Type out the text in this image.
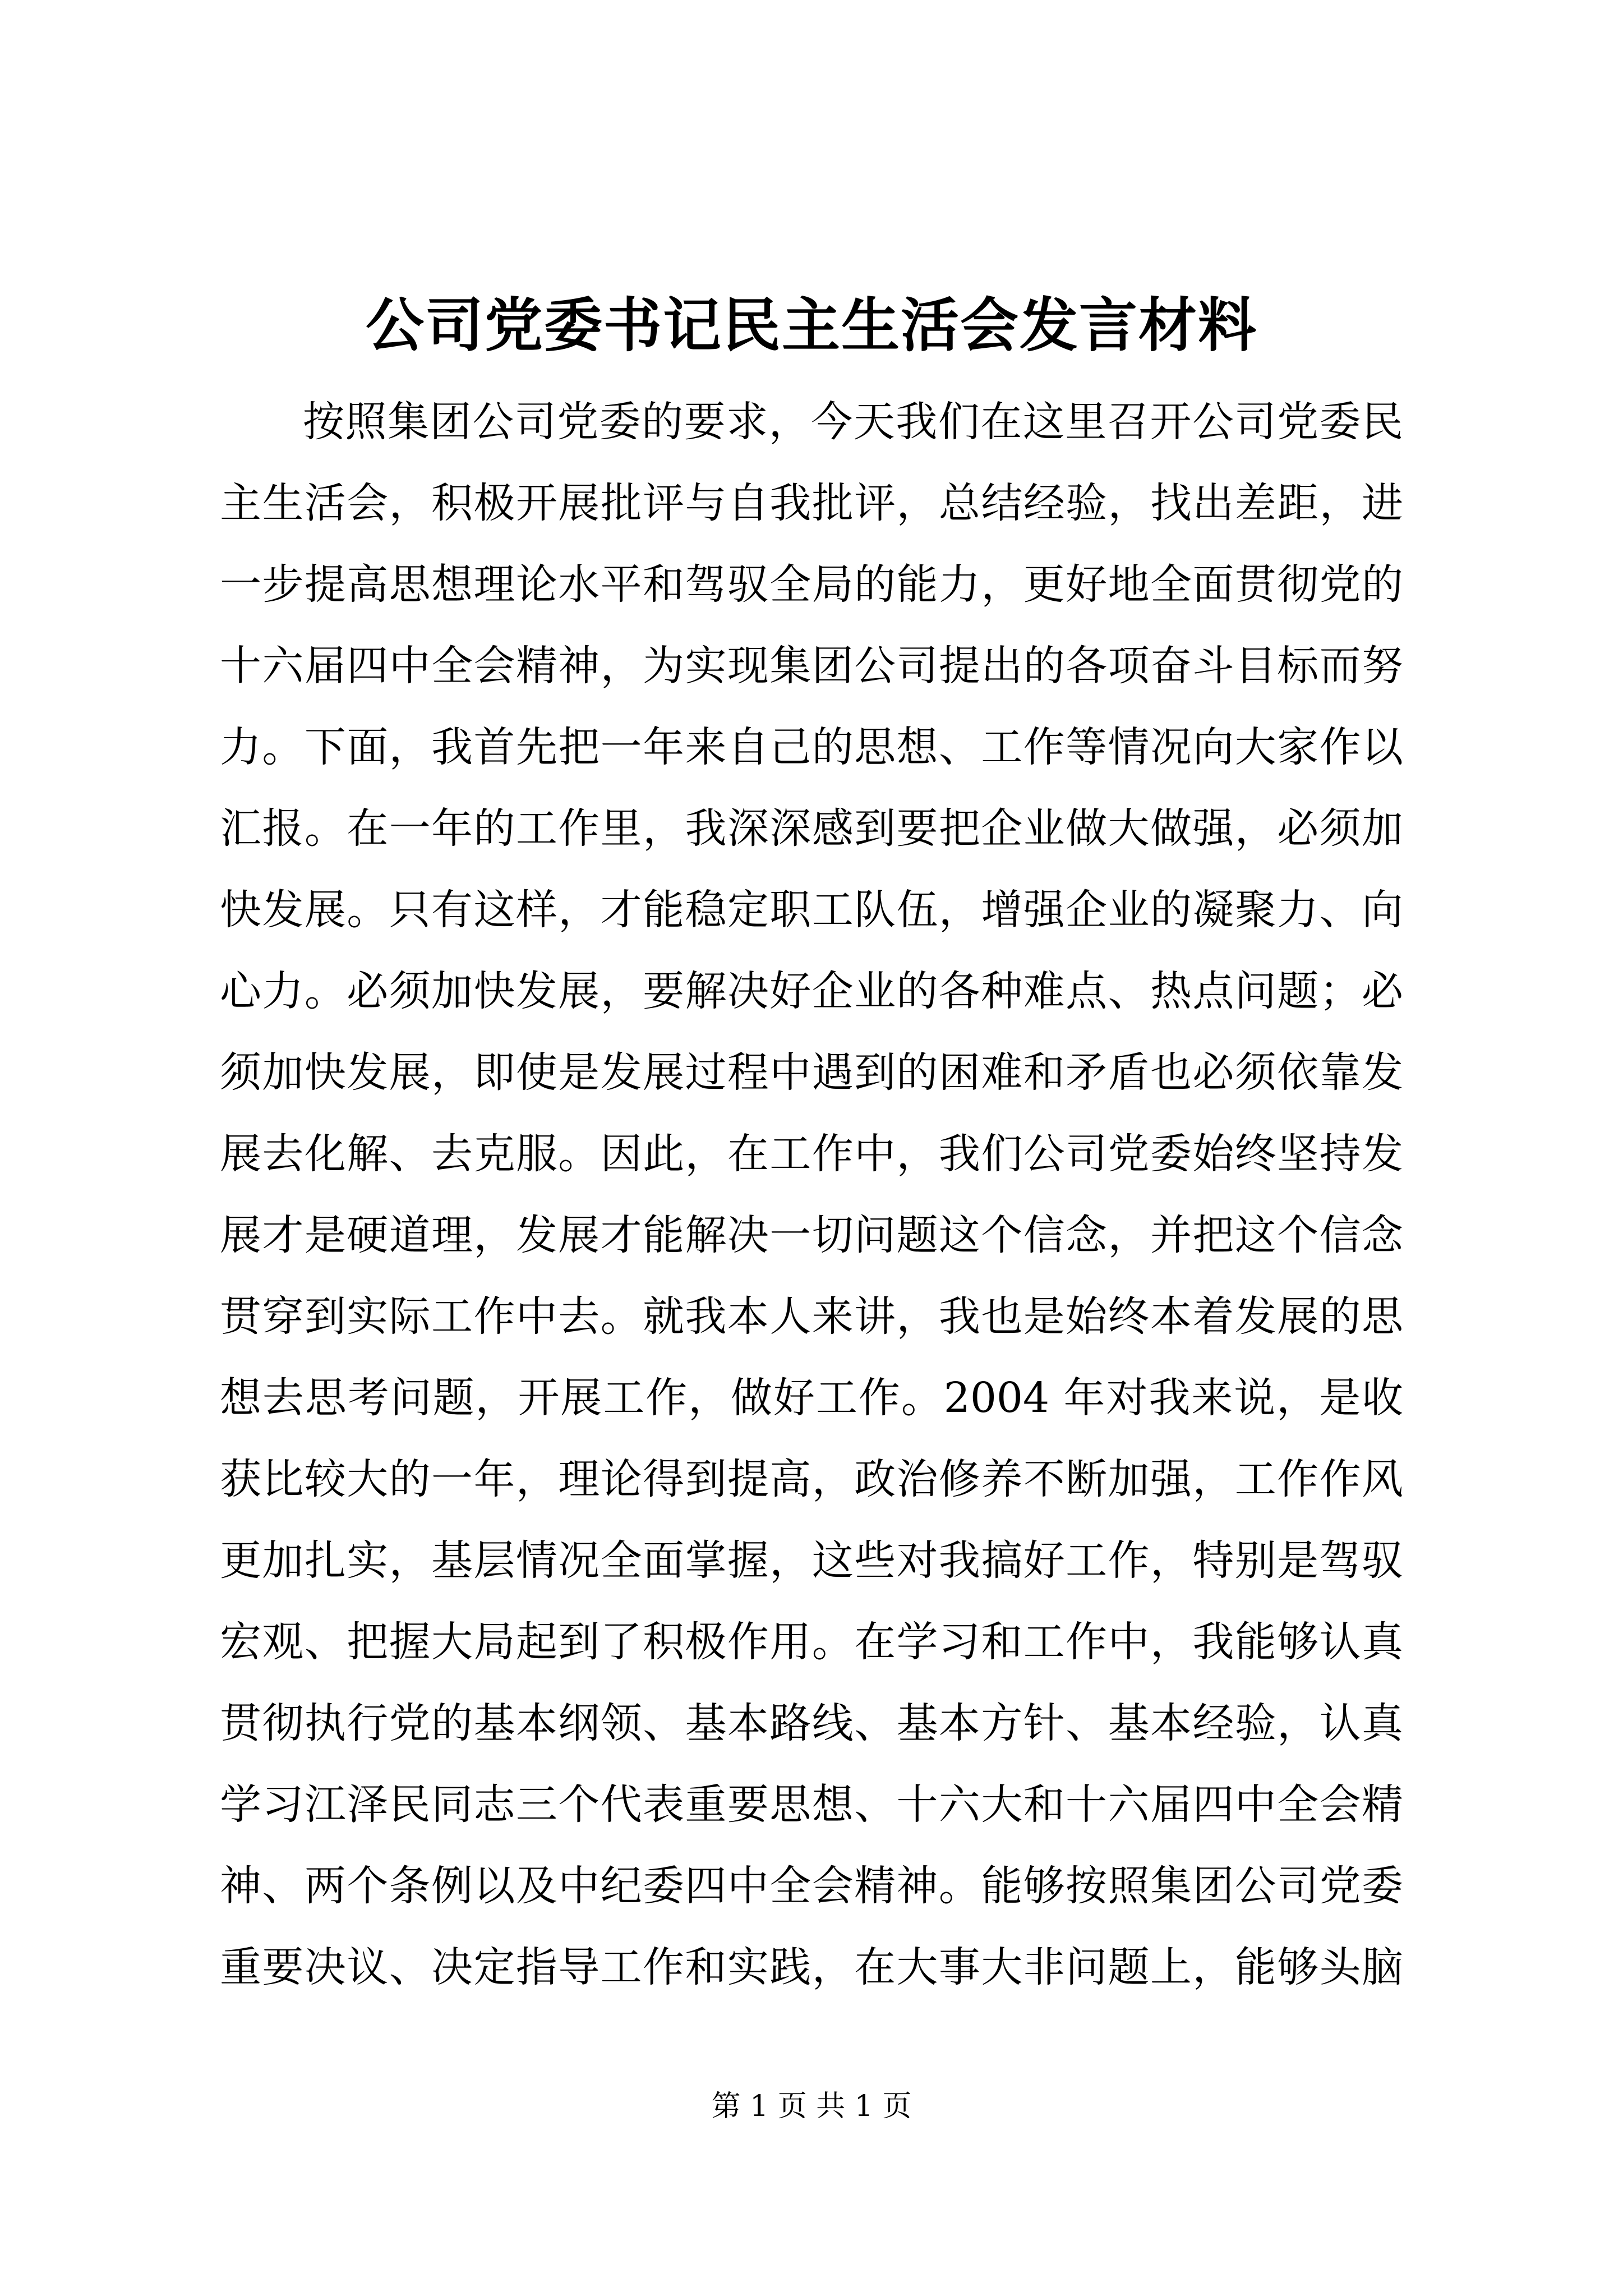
公司党委书记民主生活会发言材料
按照集团公司党委的要求，今天我们在这里召开公司党委民
主生活会，积极开展批评与自我批评，总结经验，找出差距，进
一步提高思想理论水平和驾驭全局的能力，更好地全面贯彻党的
十六届四中全会精神，为实现集团公司提出的各项奋斗目标而努
力。下面，我首先把一年来自己的思想、工作等情况向大家作以
汇报。在一年的工作里，我深深感到要把企业做大做强，必须加
快发展。只有这样，才能稳定职工队伍，增强企业的凝聚力、向
心力。必须加快发展，要解决好企业的各种难点、热点问题；必
须加快发展，即使是发展过程中遇到的困难和矛盾也必须依靠发
展去化解、去克服。因此，在工作中，我们公司党委始终坚持发
展才是硬道理，发展才能解决一切问题这个信念，并把这个信念
贯穿到实际工作中去。就我本人来讲，我也是始终本着发展的思
想去思考问题，开展工作，做好工作。2004 年对我来说，是收
获比较大的一年，理论得到提高，政治修养不断加强，工作作风
更加扎实，基层情况全面掌握，这些对我搞好工作，特别是驾驭
宏观、把握大局起到了积极作用。在学习和工作中，我能够认真
贯彻执行党的基本纲领、基本路线、基本方针、基本经验，认真
学习江泽民同志三个代表重要思想、十六大和十六届四中全会精
神、两个条例以及中纪委四中全会精神。能够按照集团公司党委
重要决议、决定指导工作和实践，在大事大非问题上，能够头脑
第 1 页 共 1 页
